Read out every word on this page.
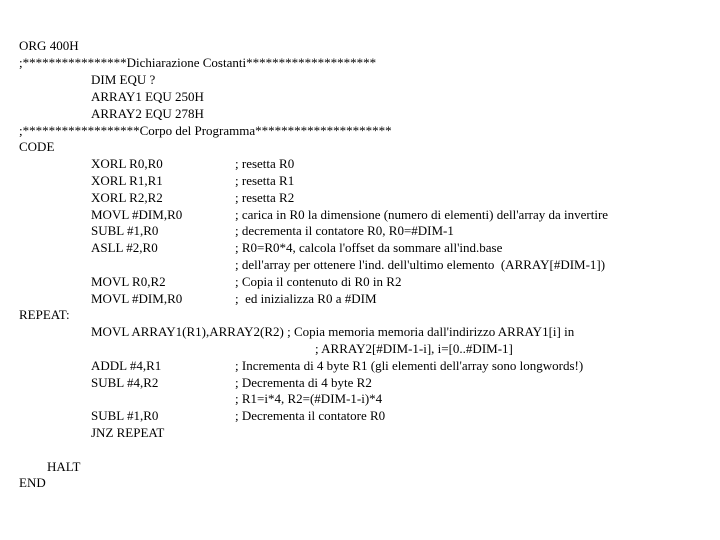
ORG 400H
;****************Dichiarazione Costanti********************
DIM EQU ?
ARRAY1 EQU 250H
ARRAY2 EQU 278H
;******************Corpo del Programma*********************
CODE
XORL R0,R0	; resetta R0
XORL R1,R1	; resetta R1
XORL R2,R2	; resetta R2
MOVL #DIM,R0	; carica in R0 la dimensione (numero di elementi) dell'array da invertire
SUBL #1,R0	; decrementa il contatore R0, R0=#DIM-1
ASLL #2,R0	; R0=R0*4, calcola l'offset da sommare all'ind.base
; dell'array per ottenere l'ind. dell'ultimo elemento  (ARRAY[#DIM-1])
MOVL R0,R2	; Copia il contenuto di R0 in R2
MOVL #DIM,R0	;  ed inizializza R0 a #DIM
REPEAT:
MOVL ARRAY1(R1),ARRAY2(R2) ; Copia memoria memoria dall'indirizzo ARRAY1[i] in
; ARRAY2[#DIM-1-i], i=[0..#DIM-1]
ADDL #4,R1	; Incrementa di 4 byte R1 (gli elementi dell'array sono longwords!)
SUBL #4,R2	; Decrementa di 4 byte R2
; R1=i*4, R2=(#DIM-1-i)*4
SUBL #1,R0	; Decrementa il contatore R0
JNZ REPEAT
HALT
END
